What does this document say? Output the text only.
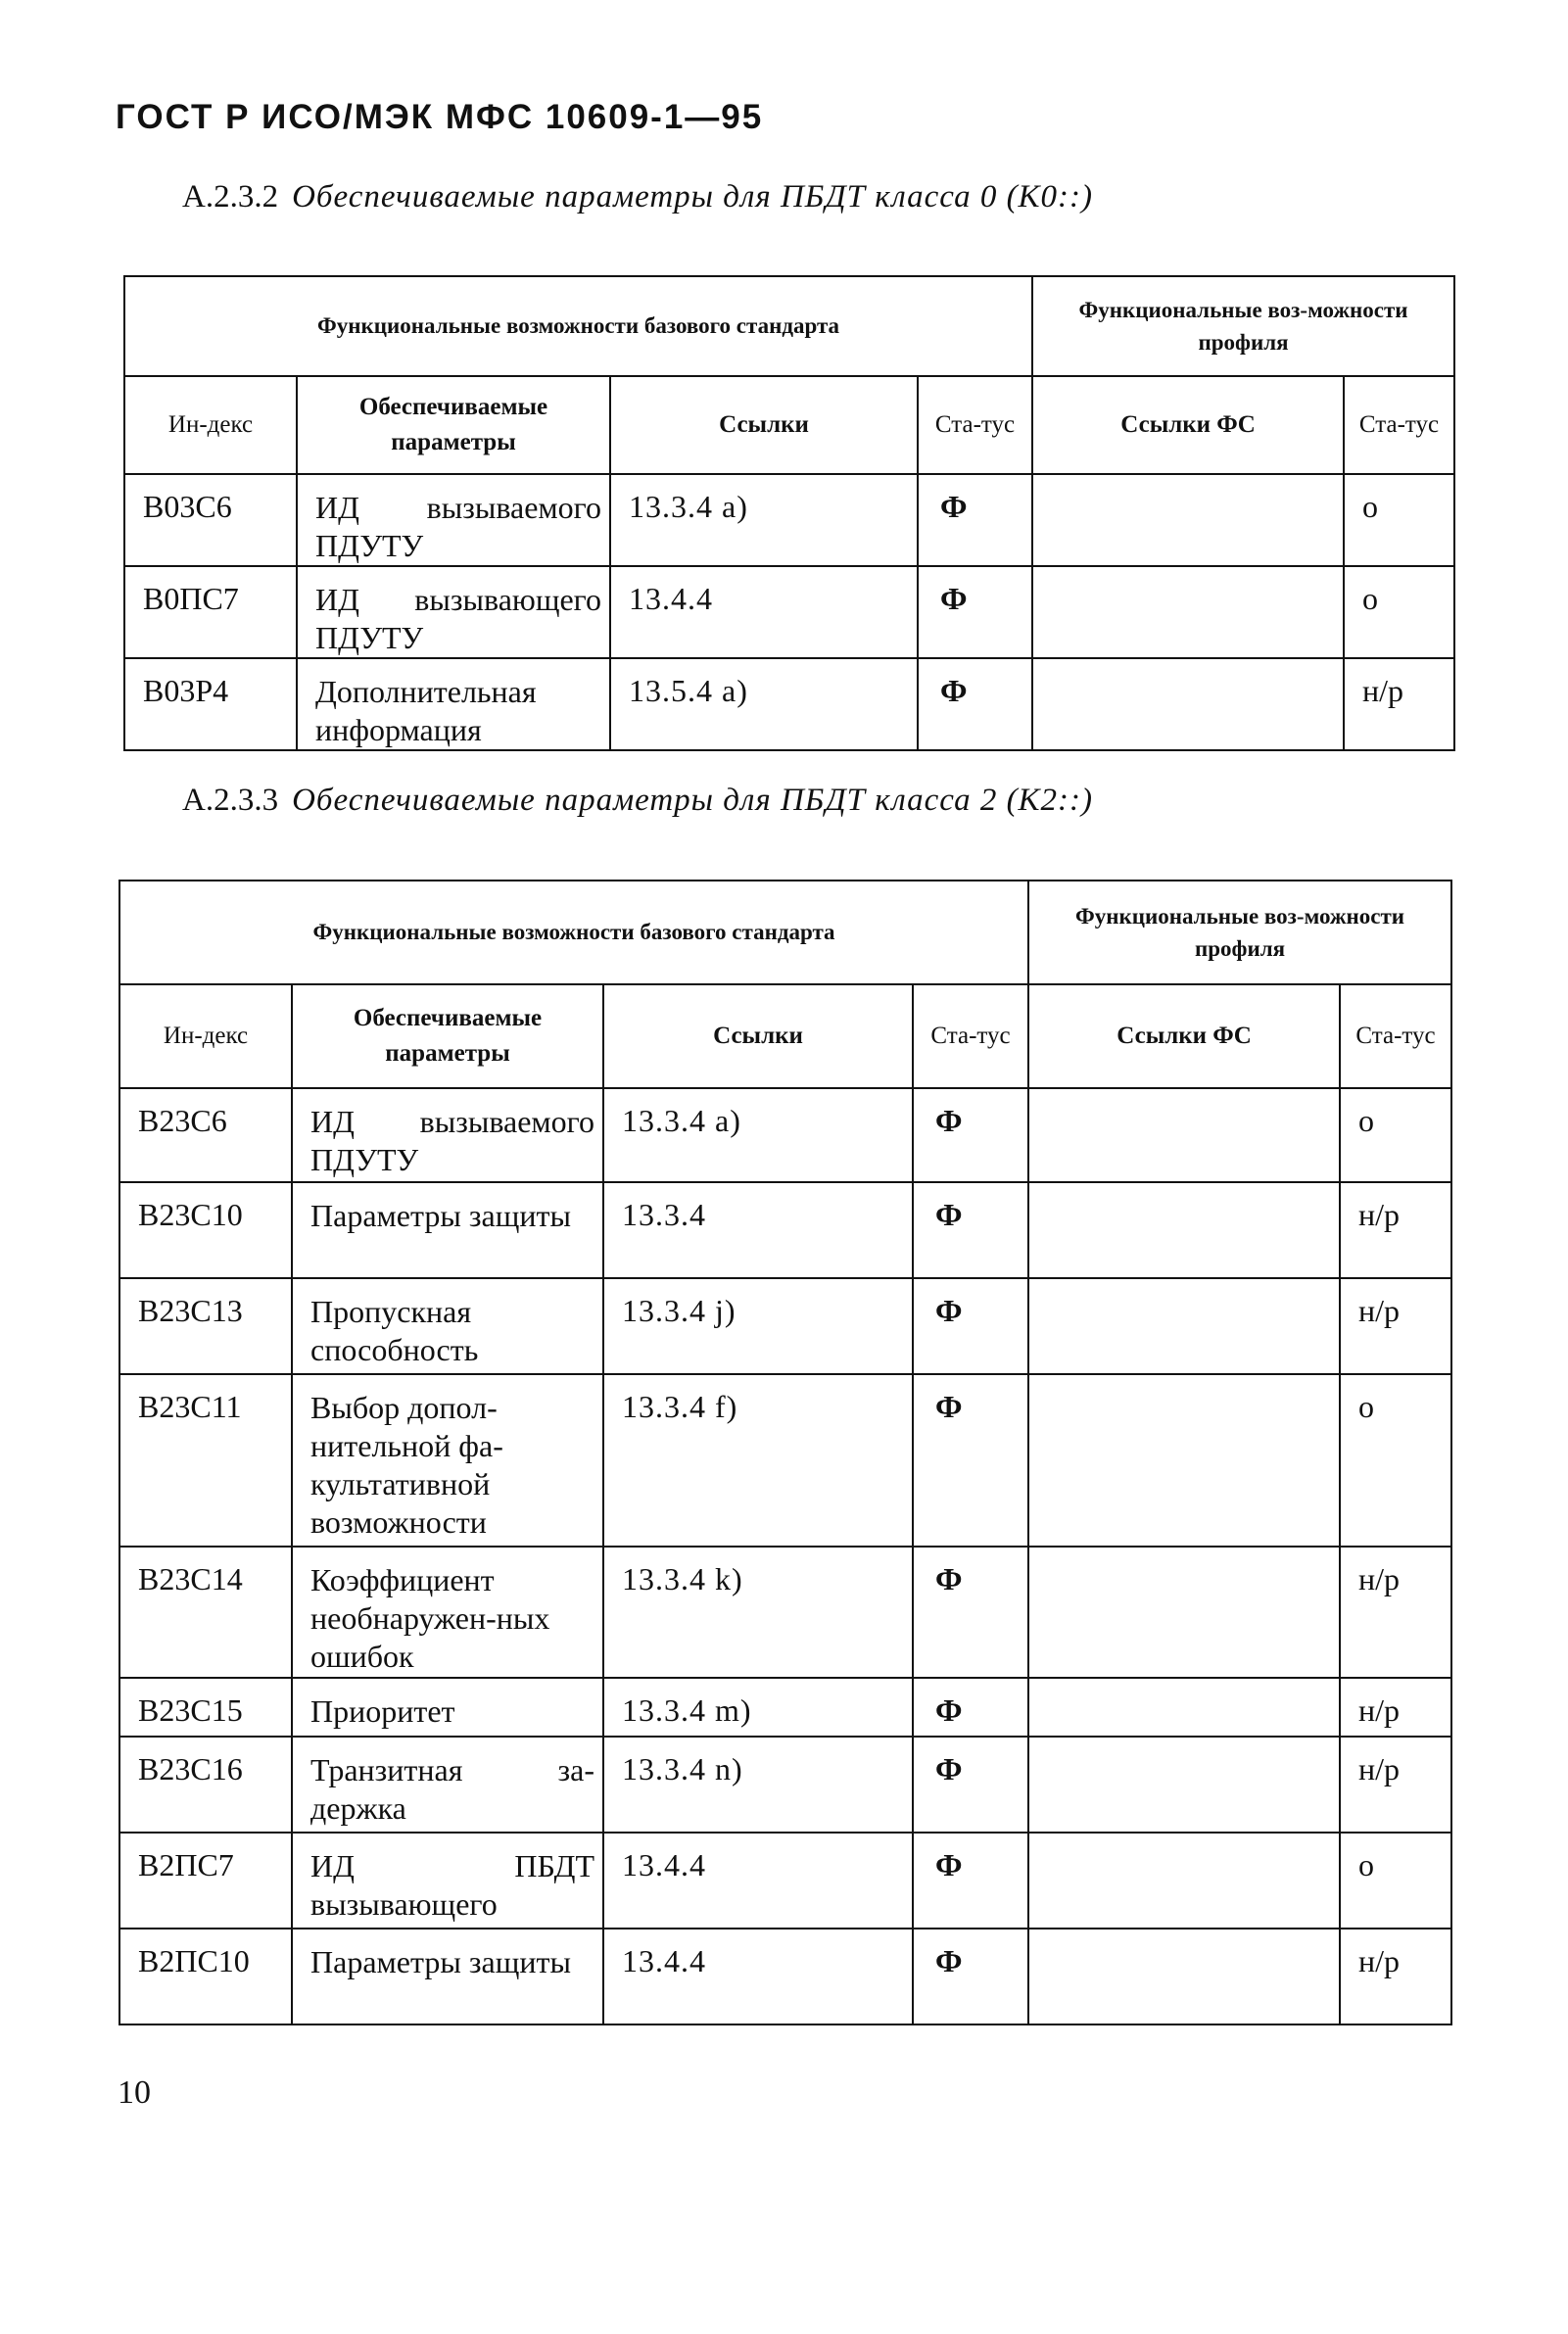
ГОСТ Р ИСО/МЭК МФС 10609-1—95
А.2.3.2 Обеспечиваемые параметры для ПБДТ класса 0 (К0::)
Функциональные возможности базового стандарта				Функциональные воз-можности профиля	
Ин-декс	Обеспечиваемые параметры	Ссылки	Ста-тус	Ссылки ФС	Ста-тус
B03C6	ИД вызываемого ПДУТУ	13.3.4 a)	Ф		о
B0ПC7	ИД вызывающего ПДУТУ	13.4.4	Ф		о
B03P4	Дополнительная информация	13.5.4 a)	Ф		н/р
А.2.3.3 Обеспечиваемые параметры для ПБДТ класса 2 (К2::)
Функциональные возможности базового стандарта				Функциональные воз-можности профиля	
Ин-декс	Обеспечиваемые параметры	Ссылки	Ста-тус	Ссылки ФС	Ста-тус
B23C6	ИД вызываемого ПДУТУ	13.3.4 a)	Ф		о
B23C10	Параметры защиты	13.3.4	Ф		н/р
B23C13	Пропускная способность	13.3.4 j)	Ф		н/р
B23C11	Выбор допол-нительной фа-культативной возможности	13.3.4 f)	Ф		о
B23C14	Коэффициент необнаружен-ных ошибок	13.3.4 k)	Ф		н/р
B23C15	Приоритет	13.3.4 m)	Ф		н/р
B23C16	Транзитная за-держка	13.3.4 n)	Ф		н/р
B2ПC7	ИД ПБДТ вызывающего	13.4.4	Ф		о
B2ПC10	Параметры защиты	13.4.4	Ф		н/р
10
